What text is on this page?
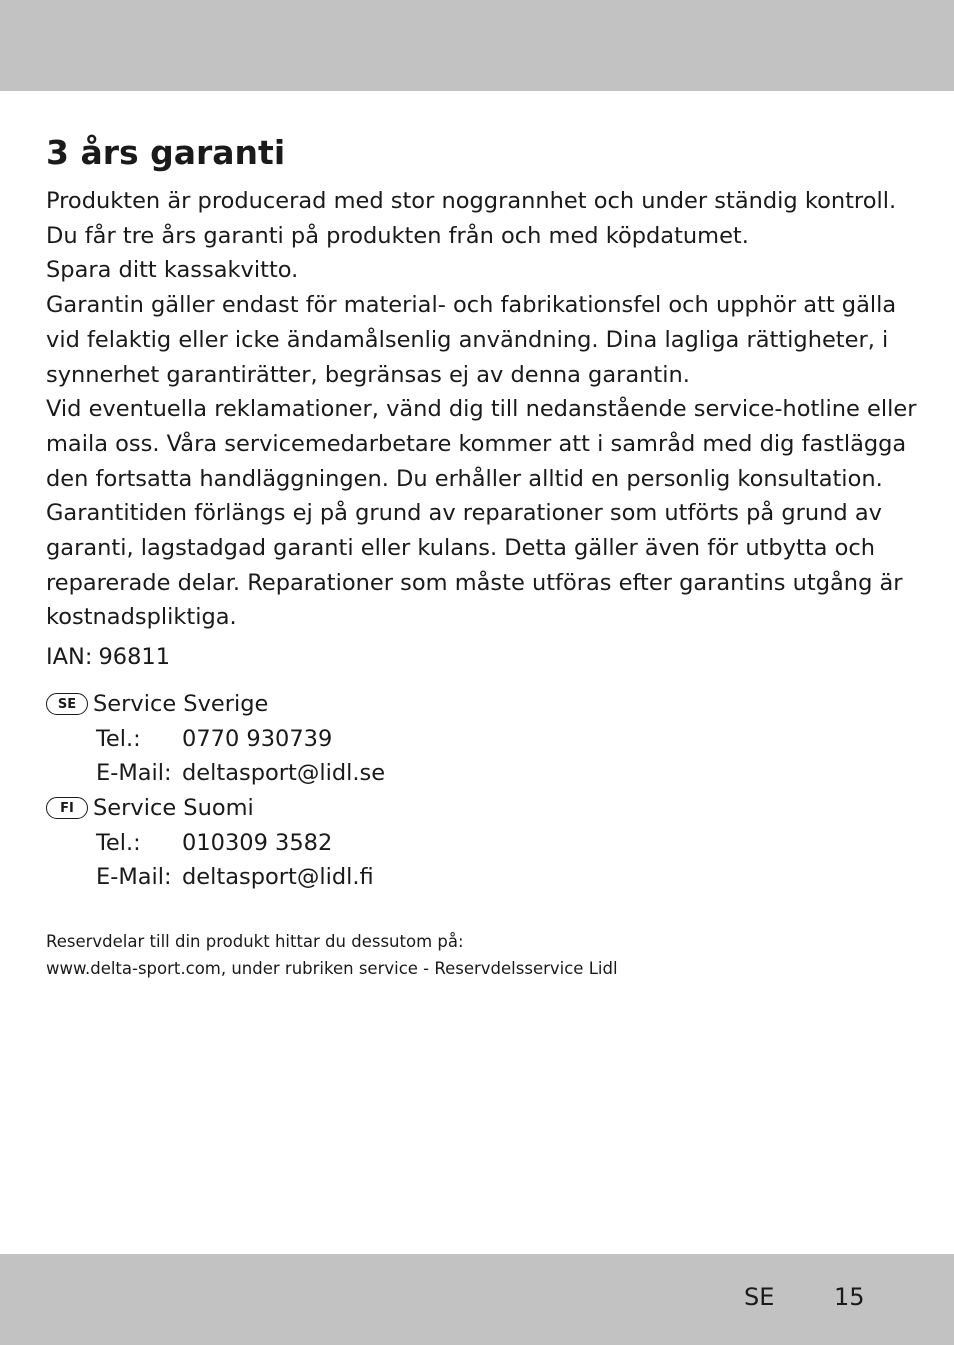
3 års garanti

Produkten är producerad med stor noggrannhet och under ständig kontroll.

Du får tre års garanti på produkten från och med köpdatumet.

Spara ditt kassakvitto.

Garantin gäller endast för material- och fabrikationsfel och upphör att gälla vid felaktig eller icke ändamålsenlig användning. Dina lagliga rättigheter, i synnerhet garantirätter, begränsas ej av denna garantin.

Vid eventuella reklamationer, vänd dig till nedanstående service-hotline eller maila oss. Våra servicemedarbetare kommer att i samråd med dig fastlägga den fortsatta handläggningen. Du erhåller alltid en personlig konsultation.

Garantitiden förlängs ej på grund av reparationer som utförts på grund av garanti, lagstadgad garanti eller kulans. Detta gäller även för utbytta och reparerade delar. Reparationer som måste utföras efter garantins utgång är kostnadspliktiga.

IAN: 96811
SE Service Sverige
Tel.:	0770 930739
E-Mail: deltasport@lidl.se
FI Service Suomi
Tel.:	010309 3582
E-Mail: deltasport@lidl.fi

Reservdelar till din produkt hittar du dessutom på:

www.delta-sport.com, under rubriken service - Reservdelsservice Lidl

SE 15
